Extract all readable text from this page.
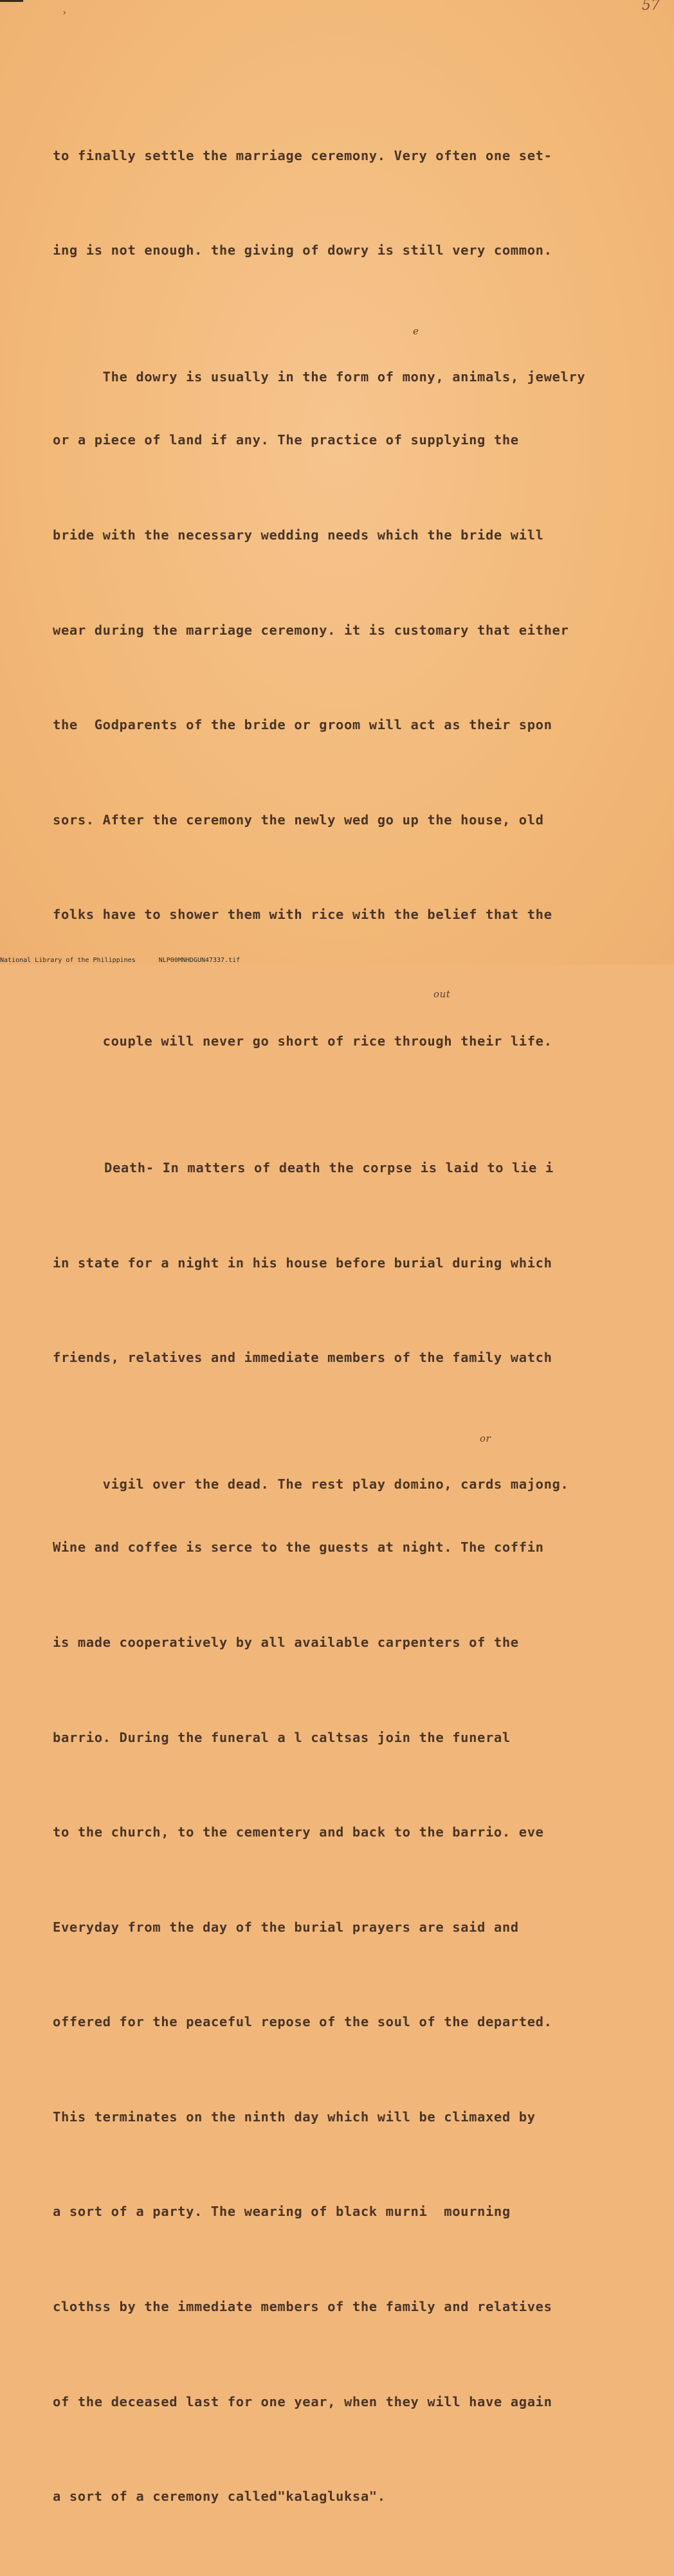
›	57

to finally settle the marriage ceremony. Very often one set-

ing is not enough. the giving of dowry is still very common.

The dowry is usually in the form of mony, animals, jewelry

e

or a piece of land if any. The practice of supplying the

bride with the necessary wedding needs which the bride will

wear during the marriage ceremony. it is customary that either

the  Godparents of the bride or groom will act as their spon

sors. After the ceremony the newly wed go up the house, old

folks have to shower them with rice with the belief that the

couple will never go short of rice through their life.

out

Death- In matters of death the corpse is laid to lie i

in state for a night in his house before burial during which

friends, relatives and immediate members of the family watch

vigil over the dead. The rest play domino, cards majong.

or

Wine and coffee is serce to the guests at night. The coffin

is made cooperatively by all available carpenters of the

barrio. During the funeral a l caltsas join the funeral

to the church, to the cementery and back to the barrio. eve

Everyday from the day of the burial prayers are said and

offered for the peaceful repose of the soul of the departed.

This terminates on the ninth day which will be climaxed by

a sort of a party. The wearing of black murni  mourning

clothss by the immediate members of the family and relatives

of the deceased last for one year, when they will have again

a sort of a ceremony called"kalagluksa".

National Library of the Philippines	NLP00MNHDGUN47337.tif
